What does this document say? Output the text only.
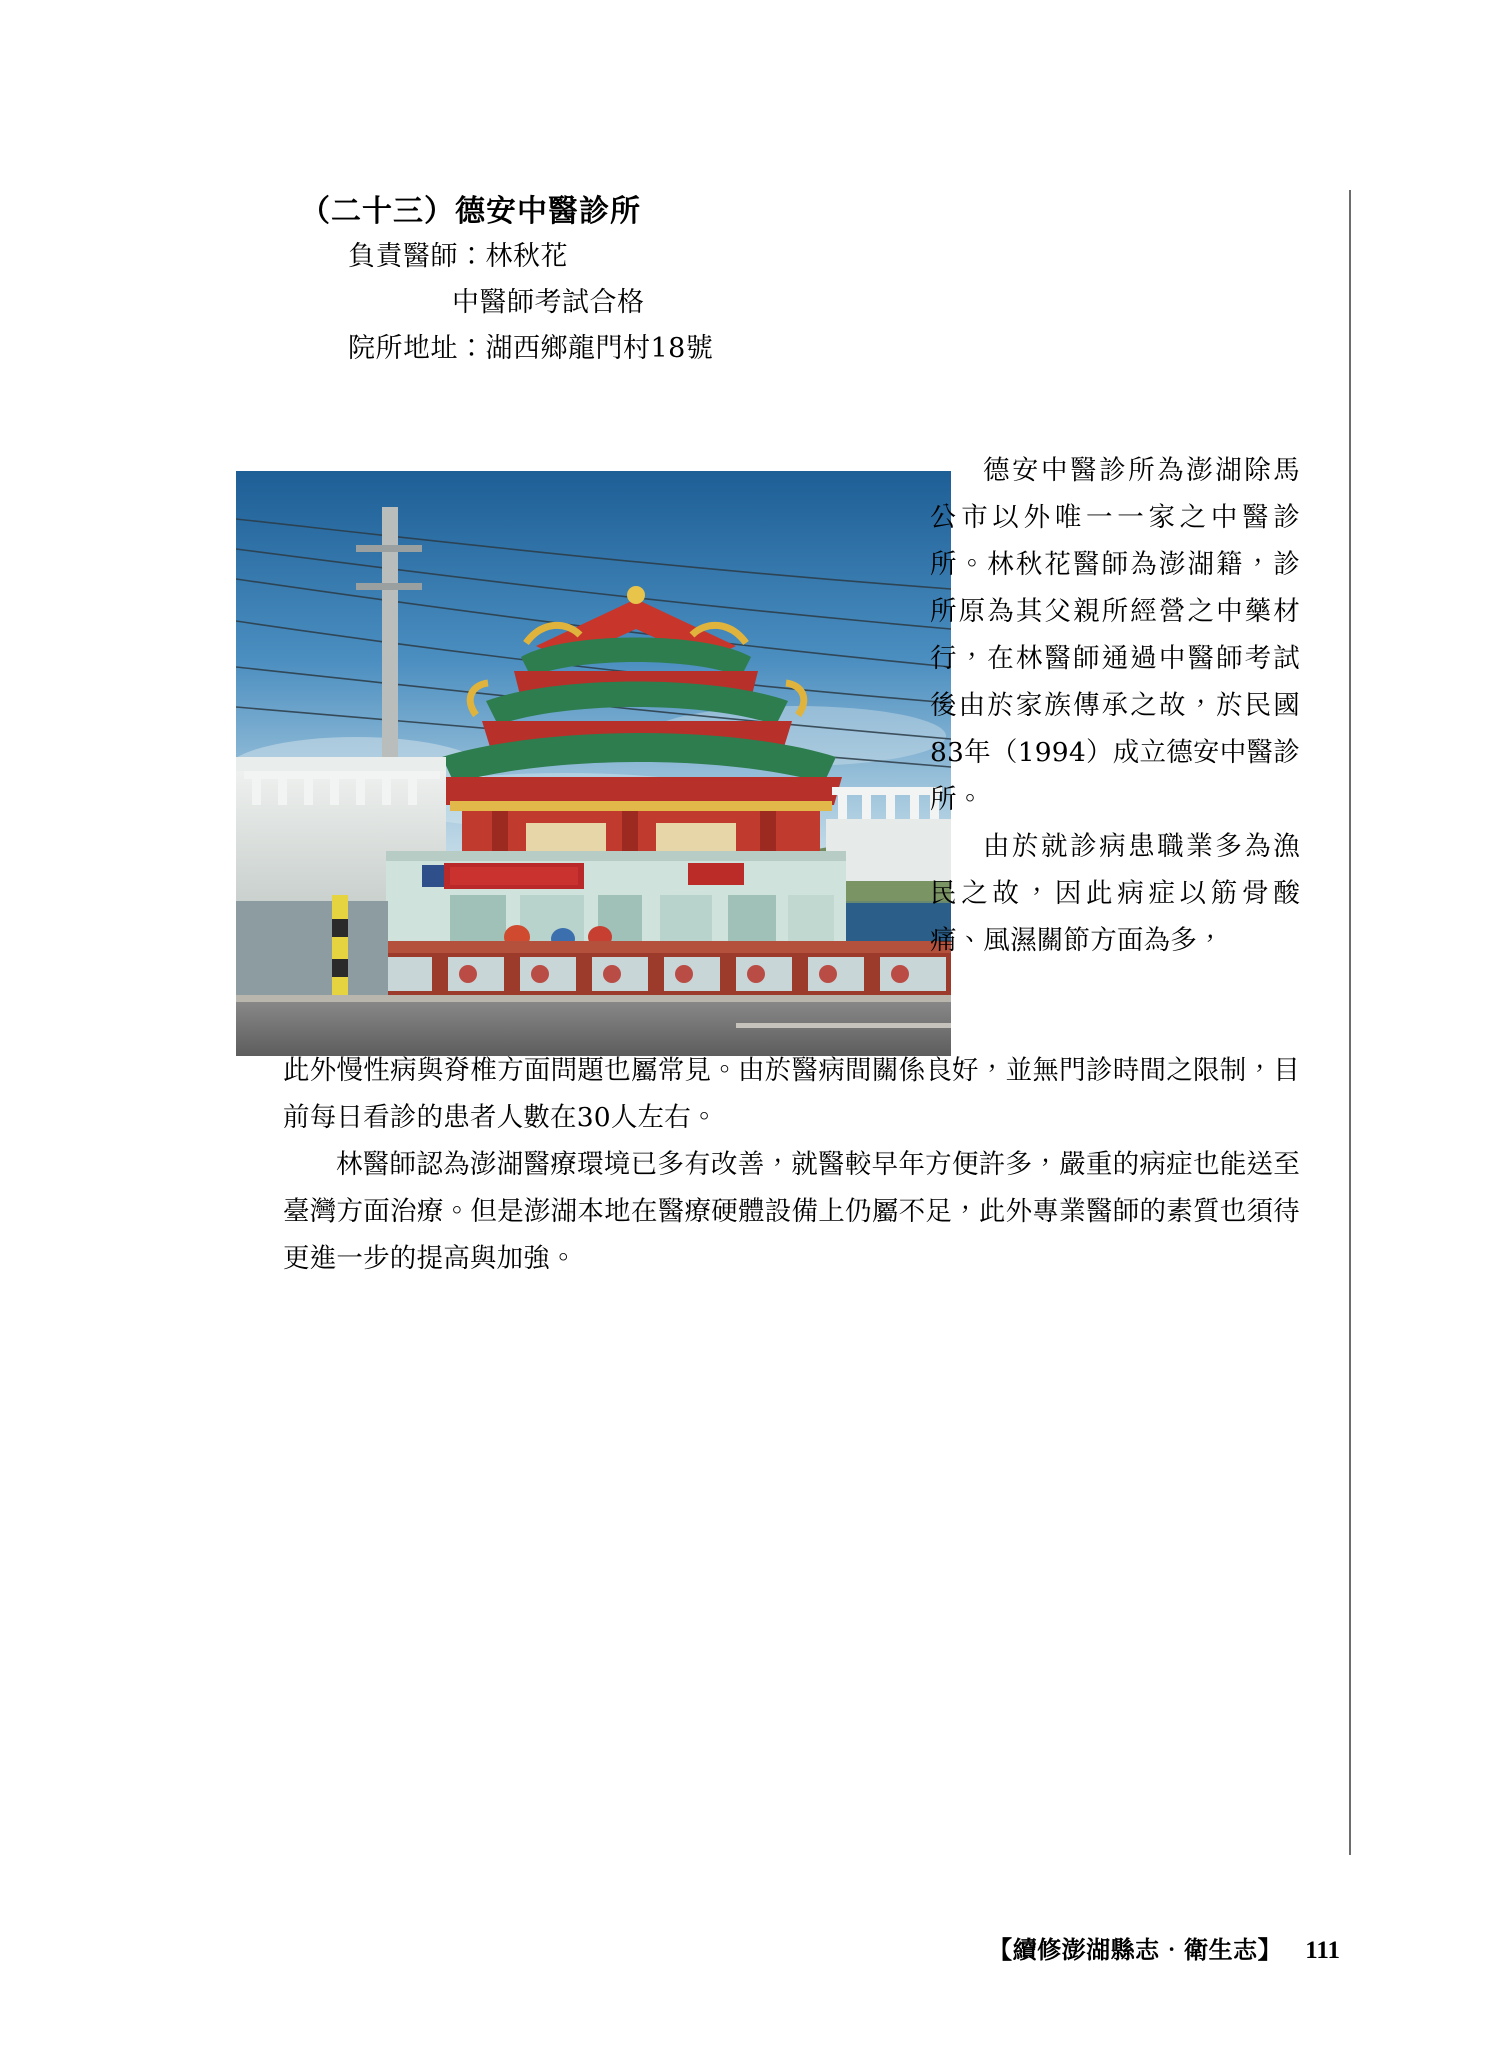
（二十三）德安中醫診所

負責醫師：林秋花

中醫師考試合格

院所地址：湖西鄉龍門村18號

德安中醫診所為澎湖除馬公市以外唯一一家之中醫診所。林秋花醫師為澎湖籍，診所原為其父親所經營之中藥材行，在林醫師通過中醫師考試後由於家族傳承之故，於民國83年（1994）成立德安中醫診所。

由於就診病患職業多為漁民之故，因此病症以筋骨酸痛、風濕關節方面為多，

此外慢性病與脊椎方面問題也屬常見。由於醫病間關係良好，並無門診時間之限制，目前每日看診的患者人數在30人左右。

林醫師認為澎湖醫療環境已多有改善，就醫較早年方便許多，嚴重的病症也能送至臺灣方面治療。但是澎湖本地在醫療硬體設備上仍屬不足，此外專業醫師的素質也須待更進一步的提高與加強。

【續修澎湖縣志‧衛生志】 111
